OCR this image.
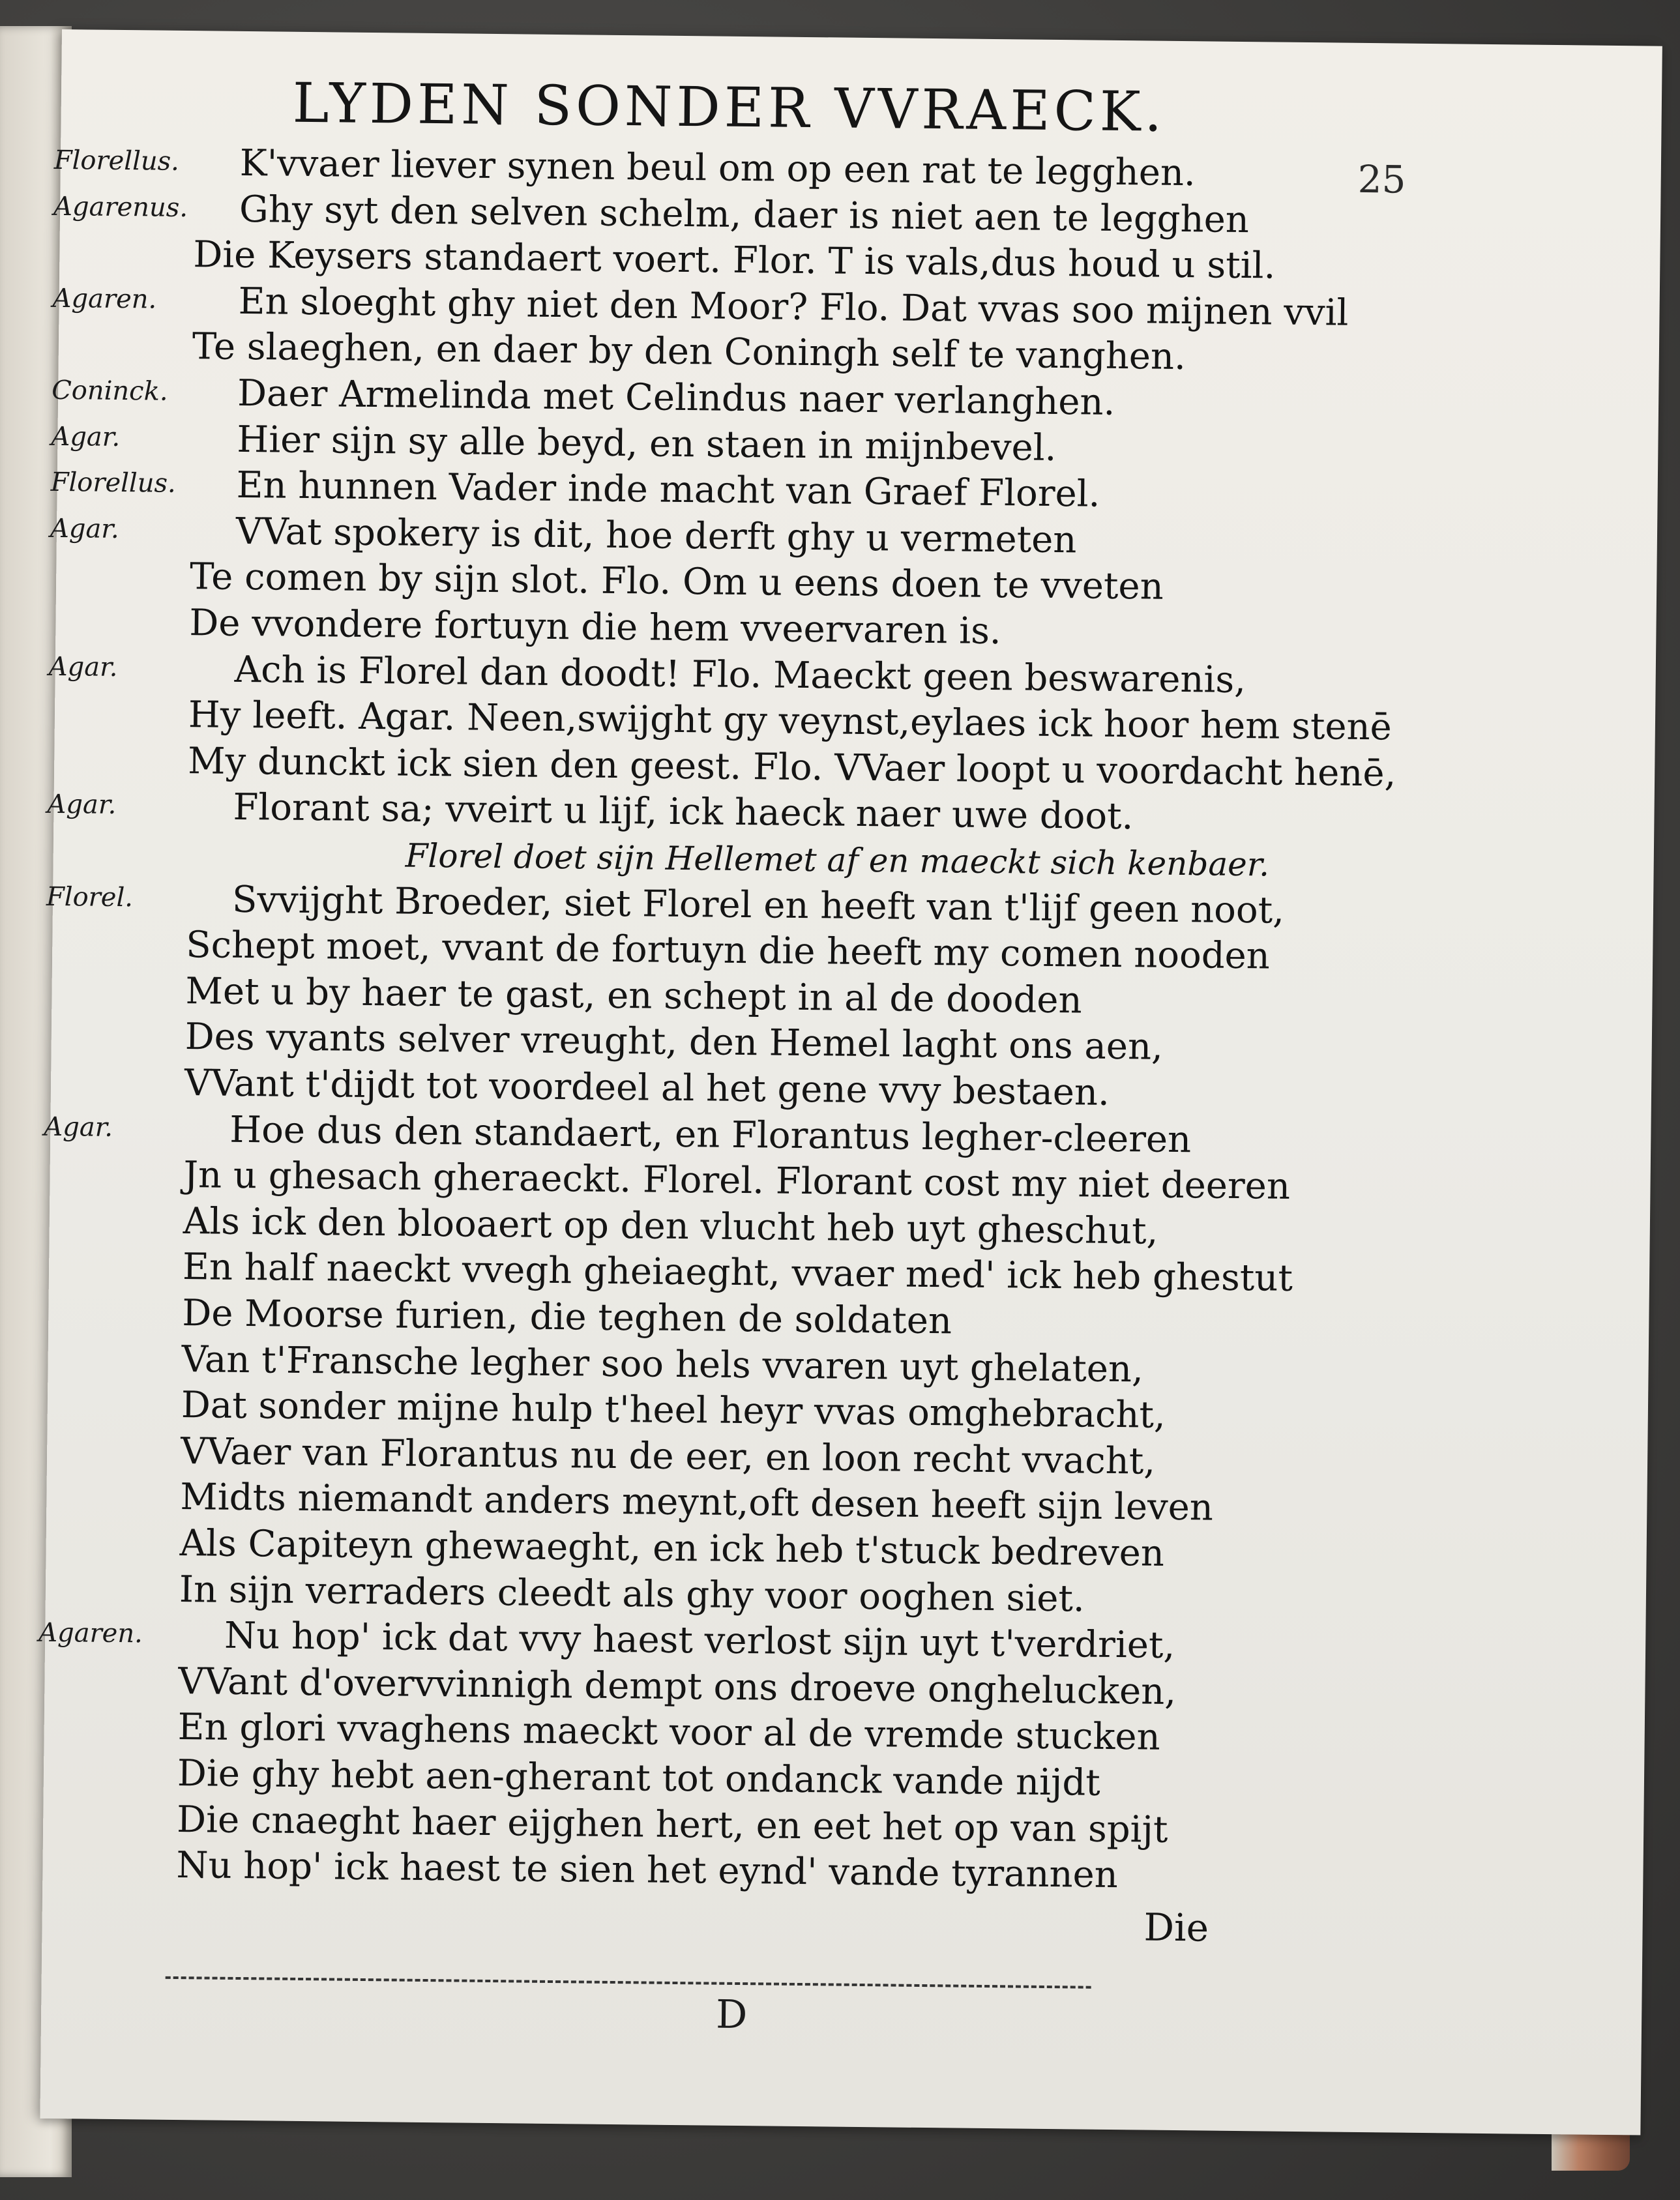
LYDEN SONDER VVRAECK.
25
Florellus. K'vvaer liever synen beul om op een rat te legghen.
Agarenus. Ghy syt den selven schelm, daer is niet aen te legghen
Die Keysers standaert voert. Flor. T is vals,dus houd u stil.
Agaren.	En sloeght ghy niet den Moor? Flo. Dat vvas soo mijnen vvil
Te slaeghen, en daer by den Coningh self te vanghen.
Coninck.	Daer Armelinda met Celindus naer verlanghen.
Agar.	Hier sijn sy alle beyd, en staen in mijnbevel.
Florellus. En hunnen Vader inde macht van Graef Florel.
Agar.	VVat spokery is dit, hoe derft ghy u vermeten
Te comen by sijn slot. Flo. Om u eens doen te vveten
De vvondere fortuyn die hem vveervaren is.
Agar.	Ach is Florel dan doodt! Flo. Maeckt geen beswarenis,
Hy leeft. Agar. Neen,swijght gy veynst,eylaes ick hoor hem stenē
My dunckt ick sien den geest. Flo. VVaer loopt u voordacht henē,
Agar.	Florant sa; vveirt u lijf, ick haeck naer uwe doot.
Florel doet sijn Hellemet af en maeckt sich kenbaer.
Florel.	Svvijght Broeder, siet Florel en heeft van t'lijf geen noot,
Schept moet, vvant de fortuyn die heeft my comen nooden
Met u by haer te gast, en schept in al de dooden
Des vyants selver vreught, den Hemel laght ons aen,
VVant t'dijdt tot voordeel al het gene vvy bestaen.
Agar.	Hoe dus den standaert, en Florantus legher-cleeren
Jn u ghesach gheraeckt. Florel. Florant cost my niet deeren
Als ick den blooaert op den vlucht heb uyt gheschut,
En half naeckt vvegh gheiaeght, vvaer med' ick heb ghestut
De Moorse furien, die teghen de soldaten
Van t'Fransche legher soo hels vvaren uyt ghelaten,
Dat sonder mijne hulp t'heel heyr vvas omghebracht,
VVaer van Florantus nu de eer, en loon recht vvacht,
Midts niemandt anders meynt,oft desen heeft sijn leven
Als Capiteyn ghewaeght, en ick heb t'stuck bedreven
In sijn verraders cleedt als ghy voor ooghen siet.
Agaren.	Nu hop' ick dat vvy haest verlost sijn uyt t'verdriet,
VVant d'overvvinnigh dempt ons droeve onghelucken,
En glori vvaghens maeckt voor al de vremde stucken
Die ghy hebt aen-gherant tot ondanck vande nijdt
Die cnaeght haer eijghen hert, en eet het op van spijt
Nu hop' ick haest te sien het eynd' vande tyrannen
Die
D
